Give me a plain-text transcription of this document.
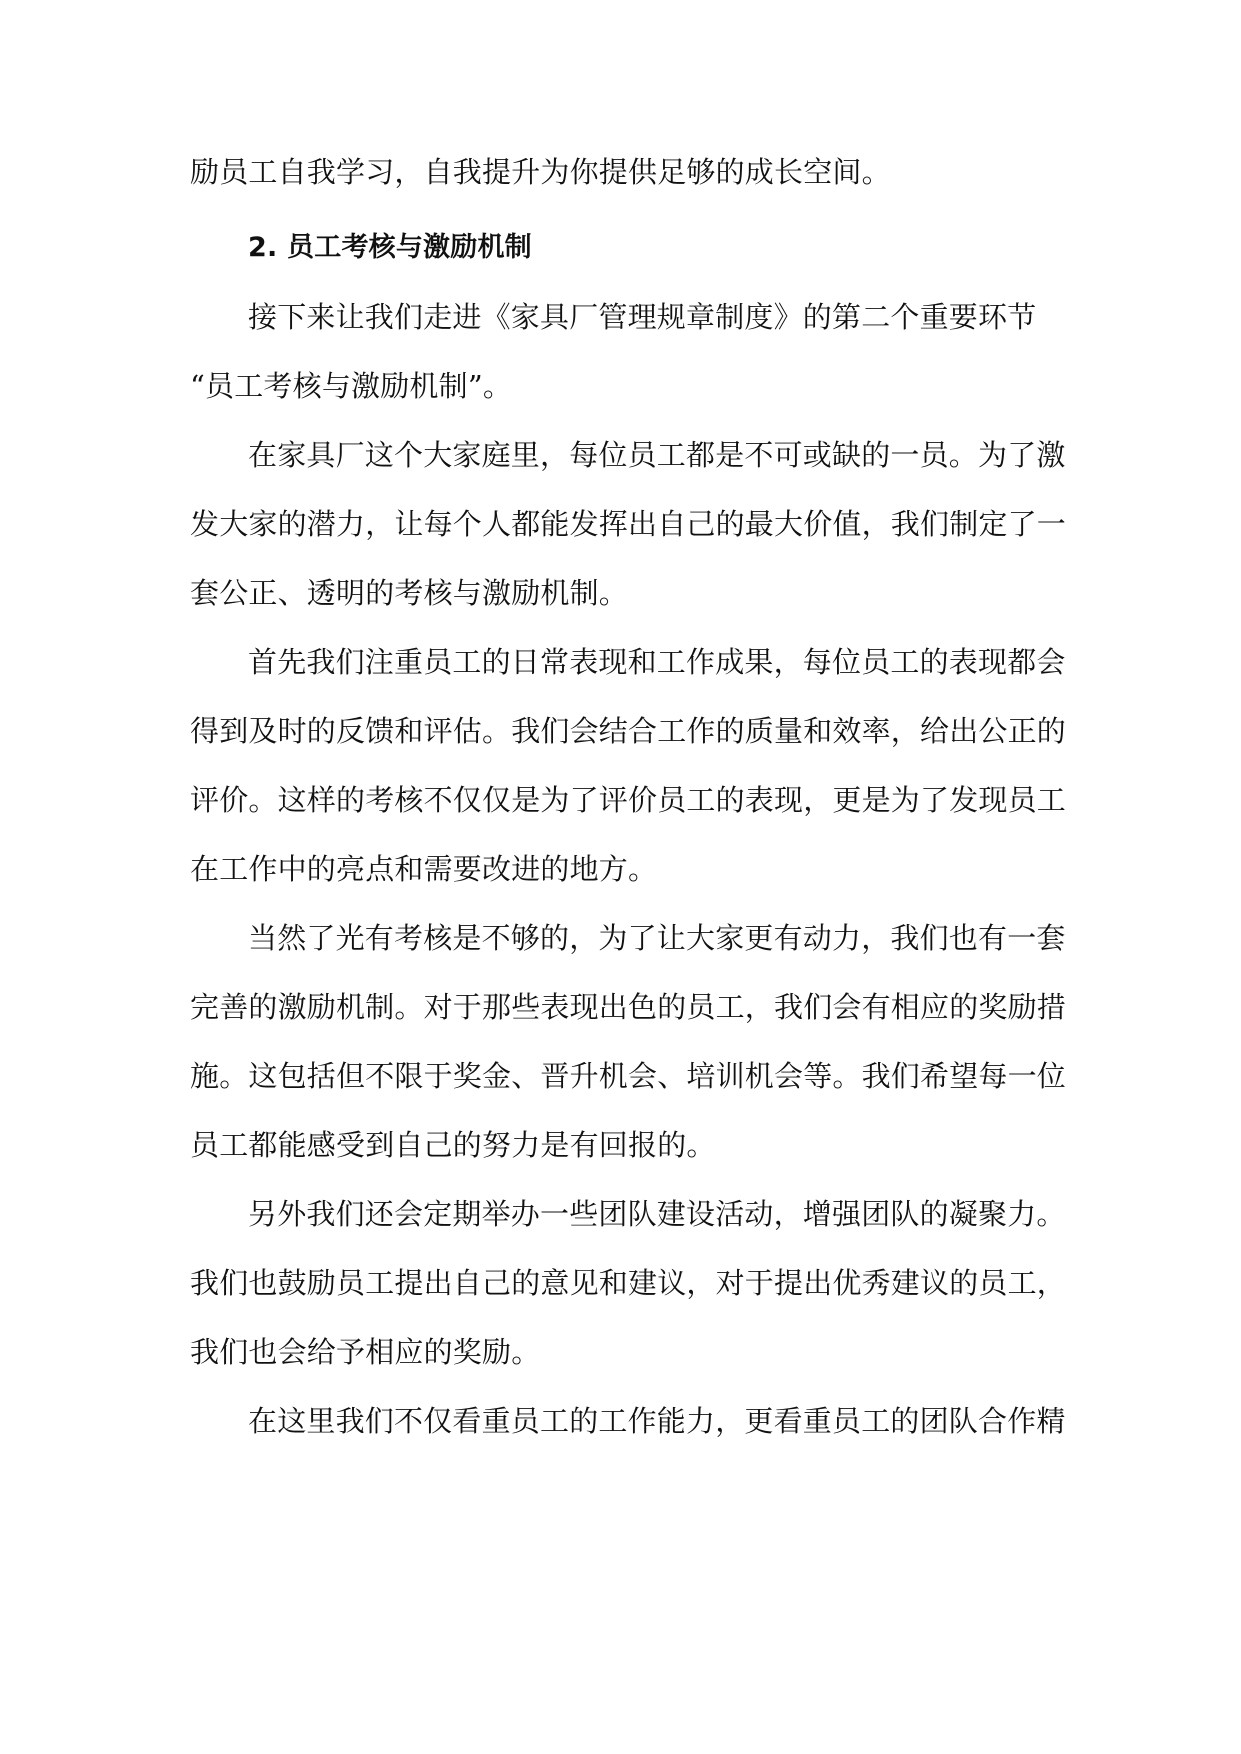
励员工自我学习，自我提升为你提供足够的成长空间。
2. 员工考核与激励机制
接下来让我们走进《家具厂管理规章制度》的第二个重要环节
“员工考核与激励机制”。
在家具厂这个大家庭里，每位员工都是不可或缺的一员。为了激
发大家的潜力，让每个人都能发挥出自己的最大价值，我们制定了一
套公正、透明的考核与激励机制。
首先我们注重员工的日常表现和工作成果，每位员工的表现都会
得到及时的反馈和评估。我们会结合工作的质量和效率，给出公正的
评价。这样的考核不仅仅是为了评价员工的表现，更是为了发现员工
在工作中的亮点和需要改进的地方。
当然了光有考核是不够的，为了让大家更有动力，我们也有一套
完善的激励机制。对于那些表现出色的员工，我们会有相应的奖励措
施。这包括但不限于奖金、晋升机会、培训机会等。我们希望每一位
员工都能感受到自己的努力是有回报的。
另外我们还会定期举办一些团队建设活动，增强团队的凝聚力。
我们也鼓励员工提出自己的意见和建议，对于提出优秀建议的员工，
我们也会给予相应的奖励。
在这里我们不仅看重员工的工作能力，更看重员工的团队合作精
